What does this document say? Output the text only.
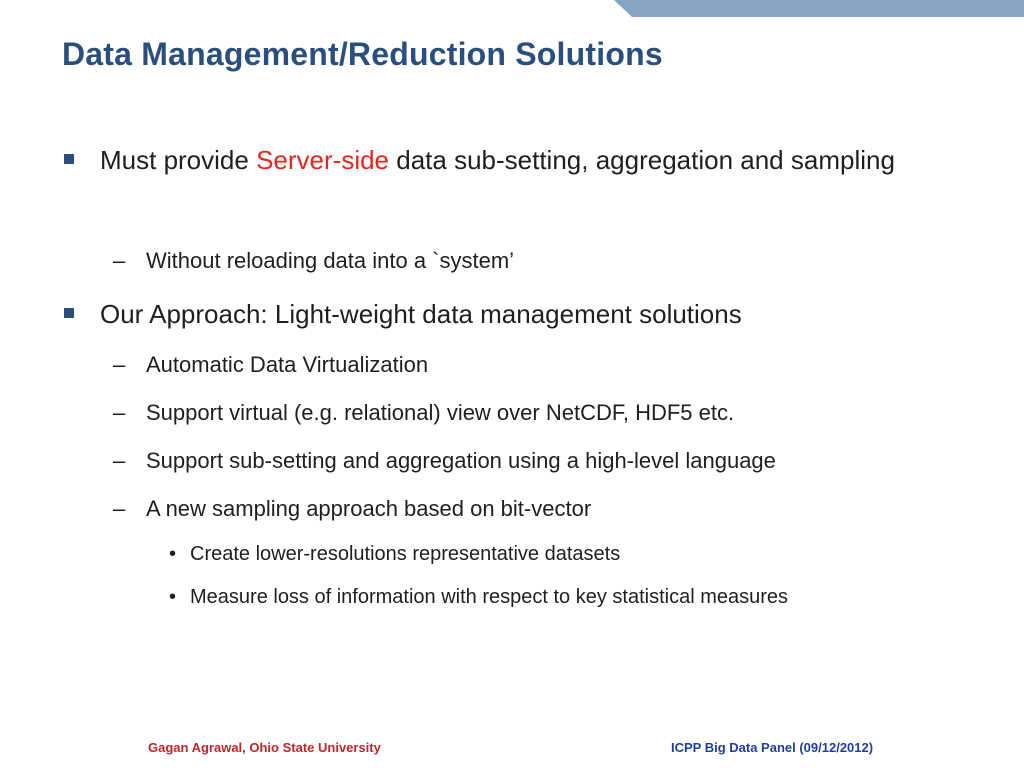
Data Management/Reduction Solutions
Must provide Server-side data sub-setting, aggregation and sampling
– Without reloading data into a `system’
Our Approach: Light-weight data management solutions
– Automatic Data Virtualization
– Support virtual (e.g. relational) view over NetCDF, HDF5 etc.
– Support sub-setting and aggregation using a high-level language
– A new sampling approach based on bit-vector
• Create lower-resolutions representative datasets
• Measure loss of information with respect to key statistical measures
Gagan Agrawal, Ohio State University	ICPP Big Data Panel (09/12/2012)
